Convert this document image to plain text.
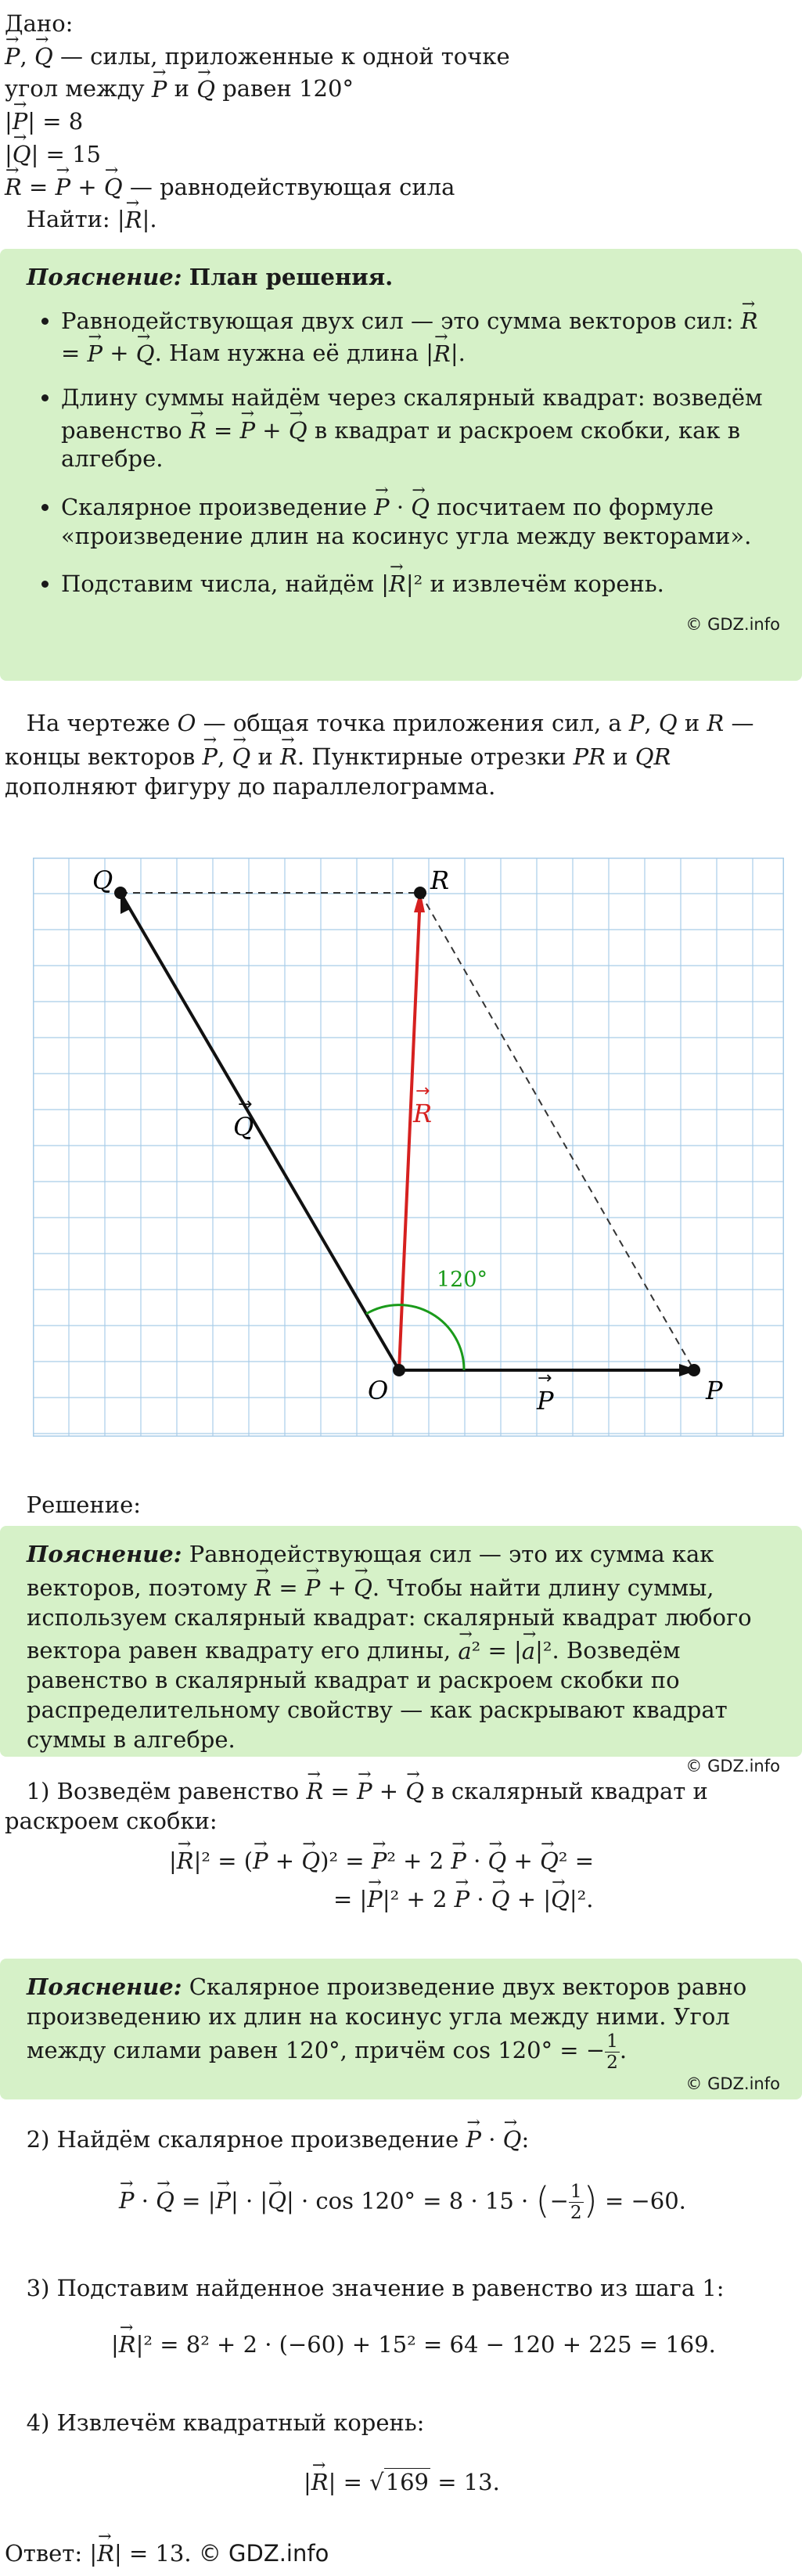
Дано:

→ P, → Q — силы, приложенные к одной точке

угол между → P и → Q равен 120°

|→ P| = 8

|→ Q| = 15

→ R = → P + → Q — равнодействующая сила

Найти: |→ R|.

Пояснение: План решения.
• Равнодействующая двух сил — это сумма векторов сил: → R = → P + → Q. Нам нужна её длина |→ R|.
• Длину суммы найдём через скалярный квадрат: возведём равенство → R = → P + → Q в квадрат и раскроем скобки, как в алгебре.
• Скалярное произведение → P · → Q посчитаем по формуле «произведение длин на косинус угла между векторами».
• Подставим числа, найдём |→ R|² и извлечём корень.
© GDZ.info

На чертеже O — общая точка приложения сил, а P, Q и R — концы векторов → P, → Q и → R. Пунктирные отрезки PR и QR дополняют фигуру до параллелограмма.

Q	R
O	P
Q	R
P
→
→
→
120°

Решение:

Пояснение: Равнодействующая сил — это их сумма как векторов, поэтому → R = → P + → Q. Чтобы найти длину суммы, используем скалярный квадрат: скалярный квадрат любого вектора равен квадрату его длины, → a² = |→ a|². Возведём равенство в скалярный квадрат и раскроем скобки по распределительному свойству — как раскрывают квадрат суммы в алгебре.
© GDZ.info

1) Возведём равенство → R = → P + → Q в скалярный квадрат и раскроем скобки:

|→ R|² = (→ P + → Q)² = → P² + 2 → P · → Q + → Q² =

= |→ P|² + 2 → P · → Q + |→ Q|².

Пояснение: Скалярное произведение двух векторов равно произведению их длин на косинус угла между ними. Угол между силами равен 120°, причём cos 120° = − $\frac{1}{2}$ .
© GDZ.info

2) Найдём скалярное произведение → P · → Q:

→ P · → Q = |→ P| · |→ Q| · cos 120° = 8 · 15 · (− $\frac{1}{2}$ ) = −60.

3) Подставим найденное значение в равенство из шага 1:

|→ R|² = 8² + 2 · (−60) + 15² = 64 − 120 + 225 = 169.

4) Извлечём квадратный корень:

|→ R| = √169 = 13.

Ответ: |→ R| = 13. © GDZ.info
